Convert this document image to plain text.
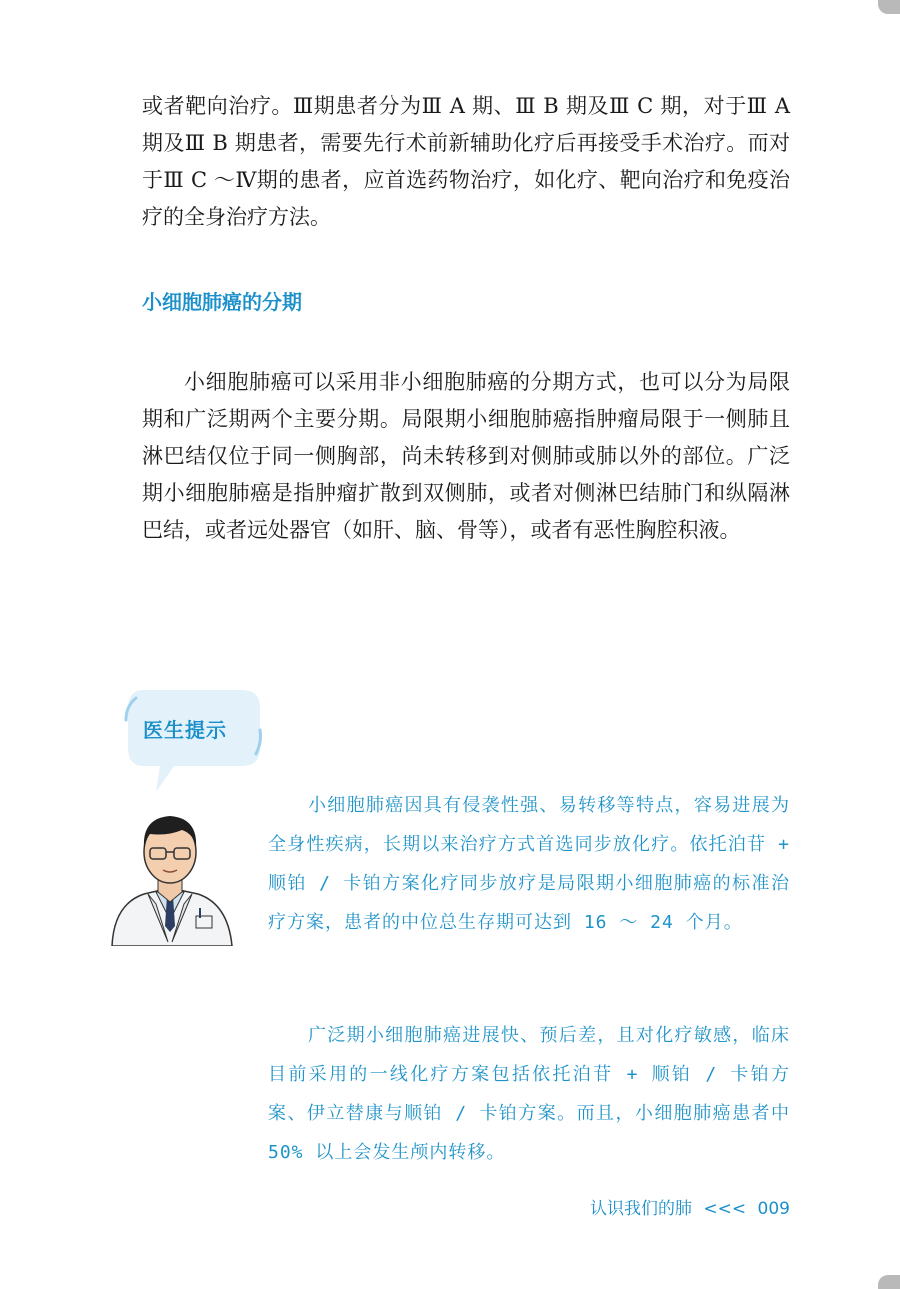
或者靶向治疗。Ⅲ期患者分为Ⅲ A 期、Ⅲ B 期及Ⅲ C 期，对于Ⅲ A 期及Ⅲ B 期患者，需要先行术前新辅助化疗后再接受手术治疗。而对于Ⅲ C ～Ⅳ期的患者，应首选药物治疗，如化疗、靶向治疗和免疫治疗的全身治疗方法。

小细胞肺癌的分期

小细胞肺癌可以采用非小细胞肺癌的分期方式，也可以分为局限期和广泛期两个主要分期。局限期小细胞肺癌指肿瘤局限于一侧肺且淋巴结仅位于同一侧胸部，尚未转移到对侧肺或肺以外的部位。广泛期小细胞肺癌是指肿瘤扩散到双侧肺，或者对侧淋巴结肺门和纵隔淋巴结，或者远处器官（如肝、脑、骨等），或者有恶性胸腔积液。

医生提示

小细胞肺癌因具有侵袭性强、易转移等特点，容易进展为全身性疾病，长期以来治疗方式首选同步放化疗。依托泊苷 + 顺铂 / 卡铂方案化疗同步放疗是局限期小细胞肺癌的标准治疗方案，患者的中位总生存期可达到 16 ～ 24 个月。

广泛期小细胞肺癌进展快、预后差，且对化疗敏感，临床目前采用的一线化疗方案包括依托泊苷 + 顺铂 / 卡铂方案、伊立替康与顺铂 / 卡铂方案。而且，小细胞肺癌患者中 50% 以上会发生颅内转移。

认识我们的肺 <<< 009
